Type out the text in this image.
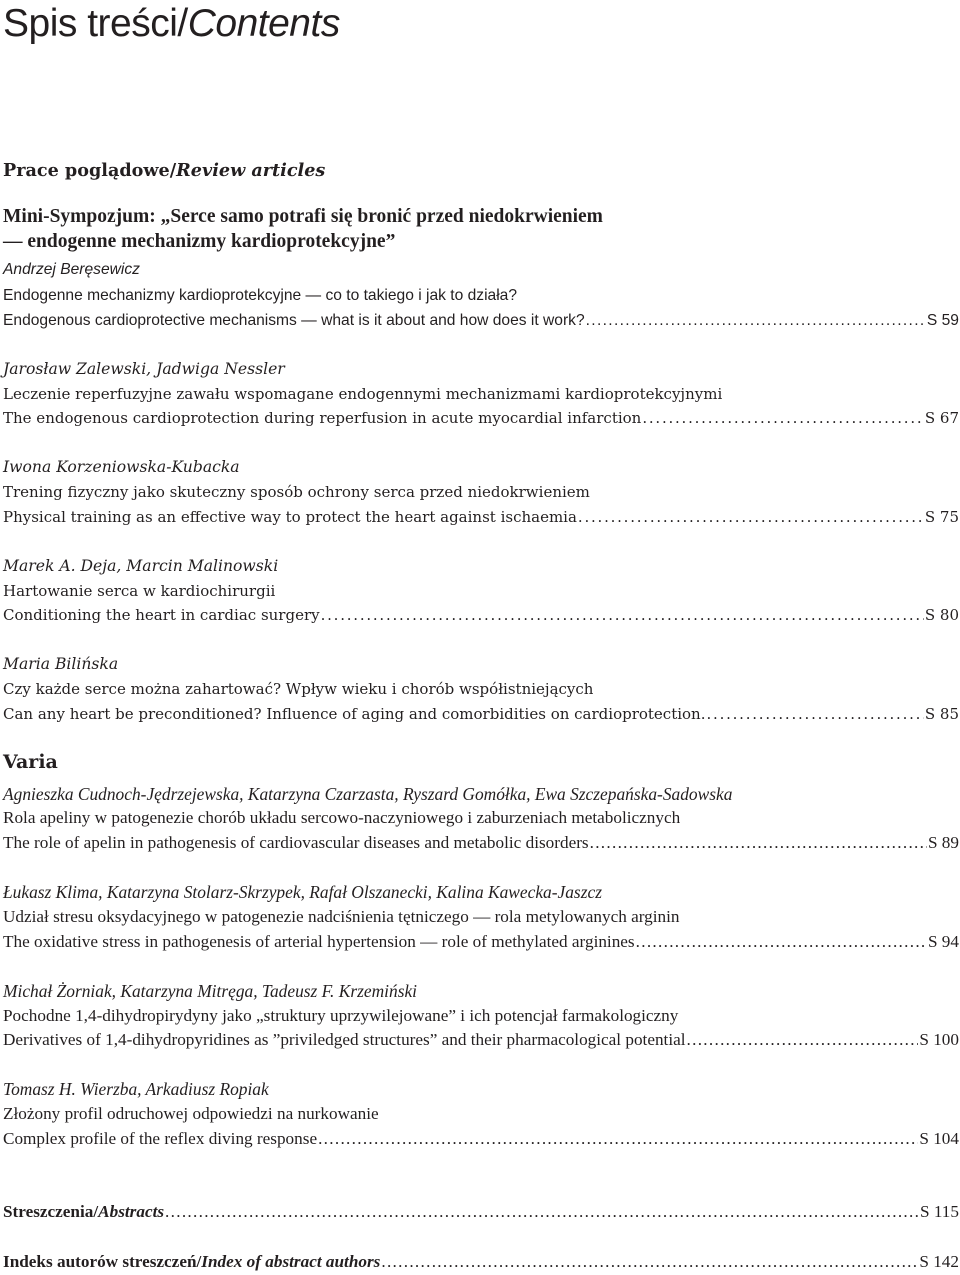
Spis treści/Contents
Prace poglądowe/Review articles
Mini-Sympozjum: „Serce samo potrafi się bronić przed niedokrwieniem
— endogenne mechanizmy kardioprotekcyjne”
Andrzej Beręsewicz
Endogenne mechanizmy kardioprotekcyjne — co to takiego i jak to działa?
Endogenous cardioprotective mechanisms — what is it about and how does it work? . . .	S 59
Jarosław Zalewski, Jadwiga Nessler
Leczenie reperfuzyjne zawału wspomagane endogennymi mechanizmami kardioprotekcyjnymi
The endogenous cardioprotection during reperfusion in acute myocardial infarction . . .	S 67
Iwona Korzeniowska-Kubacka
Trening fizyczny jako skuteczny sposób ochrony serca przed niedokrwieniem
Physical training as an effective way to protect the heart against ischaemia . . .	S 75
Marek A. Deja, Marcin Malinowski
Hartowanie serca w kardiochirurgii
Conditioning the heart in cardiac surgery . . .	S 80
Maria Bilińska
Czy każde serce można zahartować? Wpływ wieku i chorób współistniejących
Can any heart be preconditioned? Influence of aging and comorbidities on cardioprotection. . . .	S 85
Varia
Agnieszka Cudnoch-Jędrzejewska, Katarzyna Czarzasta, Ryszard Gomółka, Ewa Szczepańska-Sadowska
Rola apeliny w patogenezie chorób układu sercowo-naczyniowego i zaburzeniach metabolicznych
The role of apelin in pathogenesis of cardiovascular diseases and metabolic disorders . . .	S 89
Łukasz Klima, Katarzyna Stolarz-Skrzypek, Rafał Olszanecki, Kalina Kawecka-Jaszcz
Udział stresu oksydacyjnego w patogenezie nadciśnienia tętniczego — rola metylowanych arginin
The oxidative stress in pathogenesis of arterial hypertension — role of methylated arginines . . .	S 94
Michał Żorniak, Katarzyna Mitręga, Tadeusz F. Krzemiński
Pochodne 1,4-dihydropirydyny jako „struktury uprzywilejowane” i ich potencjał farmakologiczny
Derivatives of 1,4-dihydropyridines as ”priviledged structures” and their pharmacological potential . . .	S 100
Tomasz H. Wierzba, Arkadiusz Ropiak
Złożony profil odruchowej odpowiedzi na nurkowanie
Complex profile of the reflex diving response . . .	S 104
Streszczenia/Abstracts . . .	S 115
Indeks autorów streszczeń/Index of abstract authors . . .	S 142
